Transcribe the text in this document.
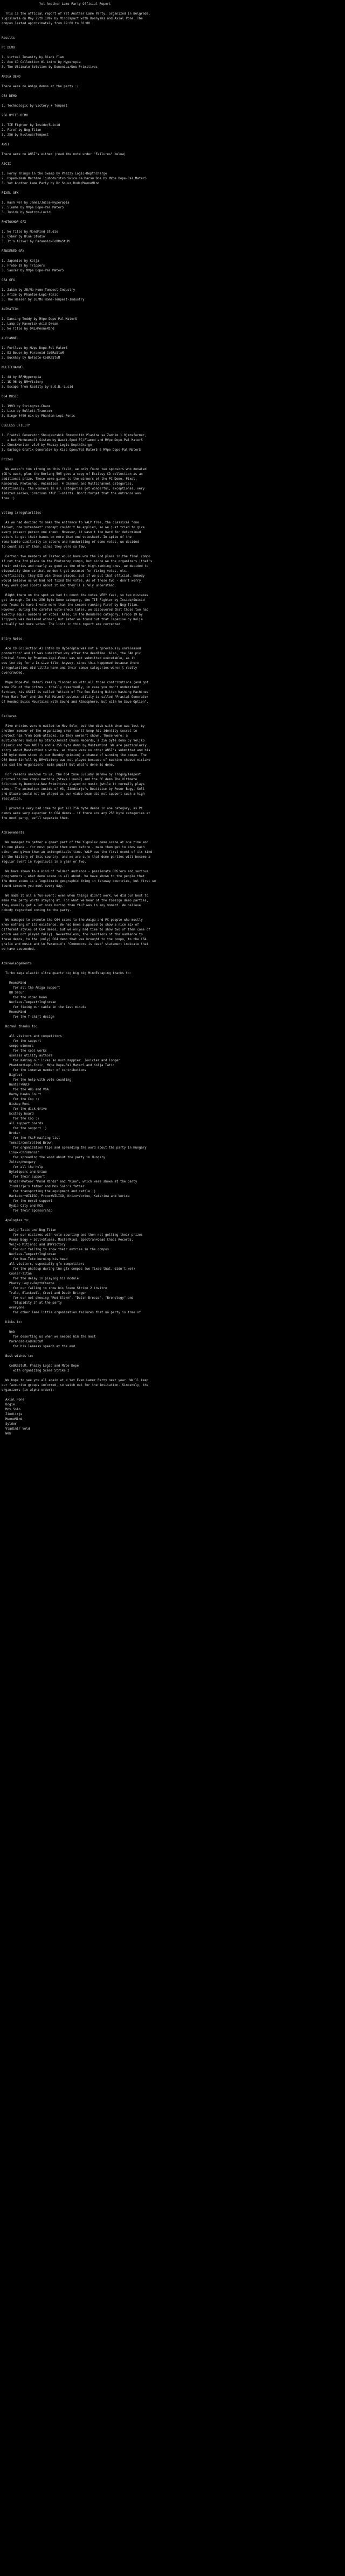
Yet Another Lame Party Official Report
This is the official report of Yet Another Lame Party, organized in Belgrade,
Yugoslavia on May 25th 1997 by MindImpact with Bosnyaks and Axial Pone. The
compos lasted approximately from 19:00 to 01:00.
Results
PC DEMO
1. Virtual Insanity by Black Flam
2. Ace CD Collection #1 intro by Hyperopia
3. The Ultimate Solution by Demonica/New Primitives
AMIGA DEMO
There were no Amiga demos at the party :(
C64 DEMO
1. Technologic by Victory + Tempest
256 BYTES DEMO
1. TIE Fighter by Inside/Suicid
2. Firef by Neg-Titan
3. 256 by Nucleus/Tempest
ANSI
There were no ANSI's either (read the note under "Failures" below)
ASCII
1. Horny Things in the Swamp by Phazzy Logic-DepthCharge
2. Hyped-Yeah Machine ljubodvrstvo Skica na Marsu Doe by MVpe Dope-Pal MaterS
3. Yet Another Lame Party by Dr Snuuz Rods/MeoneMind
PIXEL GFX
1. Wash Me? by James/Juice-Hyperopia
2. Slumme by MVpe Dope-Pal MaterS
3. Inside by Neutron-Lucid
PHOTOSHOP GFX
1. No Title by MoneMind Studio
2. Cyber by Blue Studio
3. It's Alive! by Paranoid-CoBRaStuM
RENDERED GFX
1. Japanise by Kolja
2. Frobo 19 by Trippers
3. Saucer by MVpe Dope-Pal MaterS
C64 GFX
1. Jakim by JB/Mo Home-Tempest-Industry
2. Krize by Phantom-Lepi-Fonic
3. The Healer by JB/Mo Home-Tempest-Industry
ANIMATION
1. Dancing Teddy by MVpe Dope-Pal MaterS
2. Lamp by Maverick-Acid Dream
3. No Title by ONL/MeoneMind
4 CHANNEL
1. Fortless by MVpe Dope-Pal MaterS
2. E2 Beuer by Paranoid-CoBRaStuM
3. Buckhay by NoTaste-CoBRaStuM
MULTICHANNEL
1. 48 by BF/Hyperopia
2. 1K 96 by BM+Victory
3. Escape from Reality by B.O.B.-Lucid
C64 MUSIC
1. 1993 by String+ex-Chaos
2. Lise by Bullett-Transcom
3. Bingo 4490 mix by Phantom-Lepi-Fonic
USELESS UTILITY
1. Fraktal Generator Shou(kurshik Shmuvnitih Plasina sa Zadnim 1.0)mnsformer,
a bet Monucenoll Sistem by Wasdi-Sped PC/Flamed and MVpe Dope-Pal MaterS
2. CheckMonitor v3.0 by Phazzy Logic-DepthCharge
3. Garbage Grafix Generator by Kiss Qpex/Pal MaterS & MVpe Dope-Pal MaterS
Prizes
We weren't too strong on this field, we only found two sponsors who donated
(CD's each, plus the Borlang 505 gave a copy of Ecstasy CD collection as an
additional prize. These were given to the winners of the PC Demo, Pixel,
Rendered, Photoshop, Animation, 4 Channel and Multichannel categories.
Additionally, the winners in all categories got wonderful, exceptional, very
limited series, precious YALP T-shirts. Don't forget that the entrance was
free :)
Voting irregularities
As we had decided to make the entrance to YALP free, the classical "one
ticket, one votesheet" concept couldn't be applied, so we just tried to give
every present person one sheet. However, it wasn't too hard for determined
voters to get their hands on more than one votesheet. In spite of the
remarkable similarity in colors and handwriting of some votes, we decided
to count all of them, since they were so few.
Certain two members of Tastec would have won the 2nd place in the final compo
if not the 3rd place in the Photoshop compo, but since we the organizers (that's
their entries and nearly as good as the other high-ranking ones, we decided to
disqualify them so that we don't get accused for fixing votes, etc.
Unofficially, they DID win those places, but if we put that official, nobody
would believe us we had not fixed the votes. As of those two - don't worry
they were good sports about it and they'll surely understand.
Right there on the spot we had to count the votes VERY fast, so two mistakes
got through. In the 256 Byte Demo category, the TIE Fighter by Inside/Suicid
was found to have 1 vote more than the second-ranking Firef by Neg-Titan.
However, during the careful vote-check later, we discovered that those two had
exactly equal numbers of votes. Also, in the Rendered category, Frobo 19 by
Trippers was declared winner, but later we found out that Japanise by Kolja
actually had more votes. The lists in this report are corrected.
Entry Notes
Ace CD Collection #1 Intro by Hyperopia was not a "previously unreleased
production" and it was submitted way after the deadline. Also, the 64K pic
Orbital Forms by Phantom-Lepi-Fonic was not submitted executable, as it
was too big for a 1x-size file. Anyway, since this happened because there
irregularities did little harm and their compo categories weren't really
overcrowded.
MVpe Dope-Pal MaterS really flooded us with all those contributions (and got
some 25x of the prizes - totally deservedly, in case you don't understand
Serbian, his ASCII is called "Attack of The Sex-Eating Bitten Washing Machines
From Mars Two" and the Pal MaterS'useless utility is called "Fractal Generator
of Wooded Swiss Mountains with Sound and Atmosphere, but with No Save Option".
Failures
Five entries were e-mailed to Mov Solo, but the disk with them was lost by
another member of the organizing crew (we'll keep his identity secret to
protect him from bomb-attacks, so they weren't shown. These were: a
multichannel module by Stanx/Joncat Chaos Records, a 256 byte demo by Veljko
Rijanic and two ANSI's and a 256 byte demo by MasterMind. We are particularly
sorry about MasterMind's works, as there were no other ANSI's submitted and his
256 byte demo stood it our Bunddy opinion) a chance of winning the compo. The
C64 Demo Sinfull by BM+Victory was not played because of machine-choose mistake
(as sad the organizers' main pupil! But what's done is done.
For reasons unknown to us, the C64 tune Lullaby Bennko by Trogog/Tempest
printed on one compo machine (Steve Lines?) and the PC demo The Ultimate
Solution by Demonica-New Primitives played no music (while it normally plays
some). The animation inside of #3, Zindiirje's Beatitium by Power Bogy, Sell
and Stuara could not be played as our video beam did not support such a high
resolution.
I proved a very bad idea to put all 256 byte demos in one category, as PC
demos were very superior to C64 demos - if there are any 256 byte categories at
the next party, we'll separate them.
Achievements
We managed to gather a great part of the Yugoslav demo scene at one time and
in one place - for most people them even before - made them get to know each
other and given them an unforgettable time. YALP was the first event of its kind
in the history of this country, and we are sure that demo parties will become a
regular event in Yugoslavia in a year or two.
We have shown to a kind of "older" audience - passionate BBS'ers and serious
programmers - what demo scene is all about. We have shown to the people that
the demo scene is a legitimate geographic thing in faraway countries, but first we
found someone you meet every day.
We made it all a fun-event: even when things didn't work, we did our best to
make the party worth staying at. For what we hear of the foreign demo parties,
they usually get a lot more boring than YALP was in any moment. We believe
nobody regretted coming to the party.
We managed to promote the C64 scene to the Amiga and PC people who mostly
knew nothing of its existence. We had been supposed to show a nice mix of
different styles of C64 demos, but we only had time to show two of them (one of
which was not played fully). Nevertheless, the reactions of the audience to
these demos, to the (only) C64 demo that was brought to the compo, to the C64
grafix and music and to Paranoid's "Commodore is dead" statement indicate that
we have succeeded.
Acknowledgements
Turbo mega elastic ultra quartz big big big MindEscaping thanks to:
MeoneMind
for all the Amiga support
BB Secur
for the video beam
Nucleus-Tempest+Inglorean
for fixing our cable in the last minute
MeoneMind
for the T-shirt design
Normal thanks to:
all visitors and competitors
for the support
compo winners
for the cool works
useless utility authors
for making our lives so much happier. Jovicier and longer
Phantom+Lepi-Fonic, MVpe Dope-Pal MaterS and Kolja Tatic
for the immense number of contributions
Bigfoot
for the help with vote counting
Hunter+WGCF
for the 486 and VGA
Harmy Hawks Court
for the Cop :)
Bishop Rovi
for the disk drive
Ecstasy board
for the Cop :)
all support boards
for the support :)
Broker
for the YALP mailing list
Tomcat/Controlled Brown
for organization tips and spreading the word about the party in Hungary
Linux-Chromancer
for spreading the word about the party in Hungary
Zoltan/Hungary
for all the help
Bytetopers and Uriwo
for their support
Kruzer+Meteor "Mond Minds" and "Mine", which were shown at the party
Zindiirje's father and Mov Solo's father
for transporting the equipment and cattle :)
Harkator+WILIGO, Prooo+WILIGO, Krizo+Vortex, Katarina and Verica
for the moral support
Mydia City and KCU
for their sponsorship
Apologies to:
Kolja Tatic and Neg-Titan
for our mistakes with vote-counting and then not getting their prizes
Power Bogy + Sell+Stuara, MasterMind, Spectran+Dead Chaos Records,
Veljko Mitjanic and BM+Victory
for our failing to show their entries in the compos
Nucleus-Tempest+Inglorean
for Neo-Toto burning his head
all visitors, especially gfx competitors
for the photoup during the gfx compos (we fixed that, didn't we?)
Cooler-Titan
for the delay in playing his module
Phazzy Logic-DepthCharge
for our failing to show his Scene Strike 2 invitro
Trald, Blackwell, Crest and Death Bringer
for our not showing "Red Storm", "Dutch Breeze", "Brenology" and
"Stupidity 3" at the party
everyone
for other lame little organization failures that no party is free of
Kicks to:
Web
for deserting us when we needed him the most
Paranoid-CoBRaStuM
for his lameass speech at the end
Best wishes to:
CoBRaStuM, Phazzy Logic and MVpe Dope
with organizing Scene Strike 2
We hope to see you all again at N Yet Even Lamer Party next year. We'll keep
our favourite groups informed, so watch out for the invitation. Sincerely, the
organizers (in alpha order):
Axial Pone
Bogie
Mov Solo
Zindiirje
MeoneMind
Sylder
Vladimir Vold
Web
